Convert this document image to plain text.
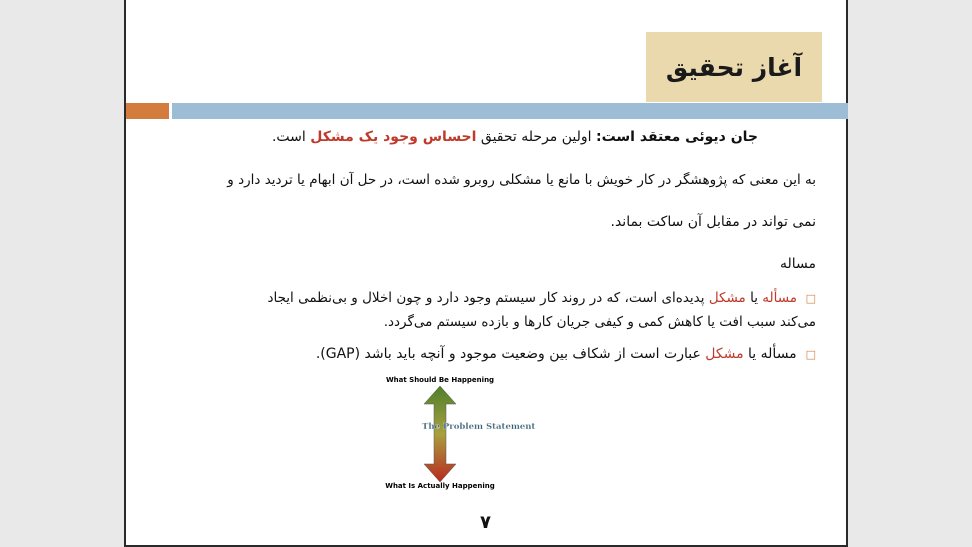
آغاز تحقیق
جان دیوئی معتقد است: اولین مرحله تحقیق احساس وجود یک مشکل است.
به این معنی که پژوهشگر در کار خویش با مانع یا مشکلی روبرو شده است، در حل آن ابهام یا تردید دارد و
نمی تواند در مقابل آن ساکت بماند.
مساله
□  مسأله یا مشکل پدیده‌ای است، که در روند کار سیستم وجود دارد و چون اخلال و بی‌نظمی ایجاد
می‌کند سبب افت یا کاهش کمی و کیفی جریان کارها و بازده سیستم می‌گردد.
□  مسأله یا مشکل عبارت است از شکاف بین وضعیت موجود و آنچه باید باشد (GAP).
What Should Be Happening
The Problem Statement
What Is Actually Happening
۷
